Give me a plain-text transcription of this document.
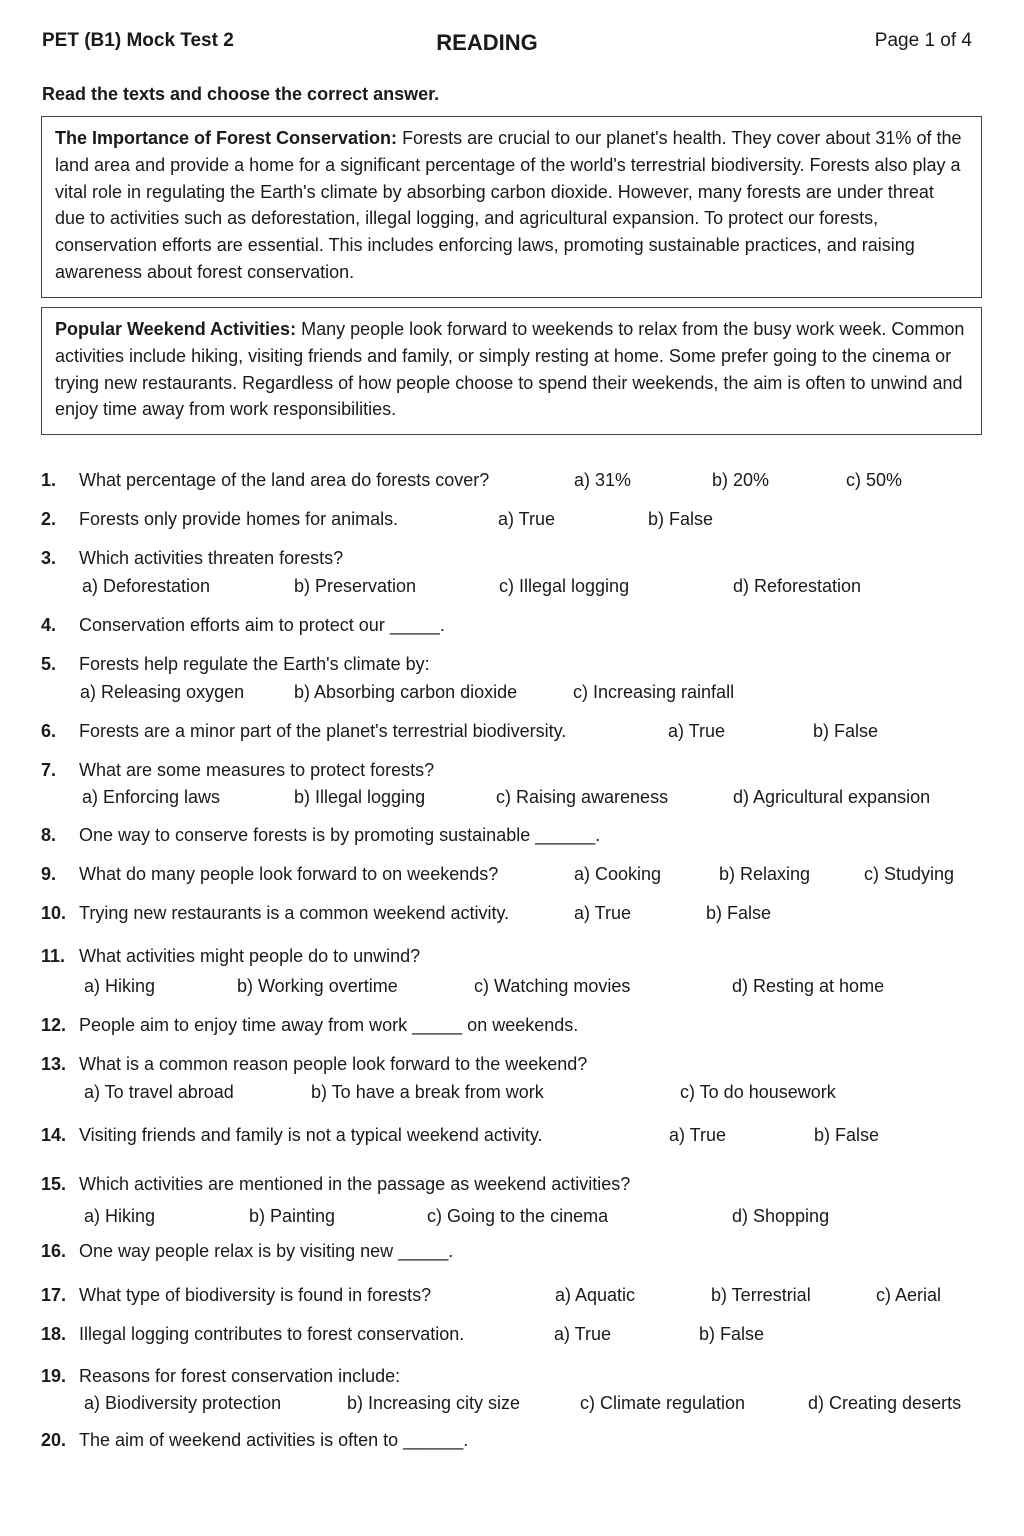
PET (B1) Mock Test 2	READING	Page 1 of 4
Read the texts and choose the correct answer.
The Importance of Forest Conservation: Forests are crucial to our planet's health. They cover about 31% of the land area and provide a home for a significant percentage of the world's terrestrial biodiversity. Forests also play a vital role in regulating the Earth's climate by absorbing carbon dioxide. However, many forests are under threat due to activities such as deforestation, illegal logging, and agricultural expansion. To protect our forests, conservation efforts are essential. This includes enforcing laws, promoting sustainable practices, and raising awareness about forest conservation.
Popular Weekend Activities: Many people look forward to weekends to relax from the busy work week. Common activities include hiking, visiting friends and family, or simply resting at home. Some prefer going to the cinema or trying new restaurants. Regardless of how people choose to spend their weekends, the aim is often to unwind and enjoy time away from work responsibilities.
1. What percentage of the land area do forests cover?	a) 31%	b) 20%	c) 50%
2. Forests only provide homes for animals.	a) True	b) False
3. Which activities threaten forests?
a) Deforestation	b) Preservation	c) Illegal logging	d) Reforestation
4. Conservation efforts aim to protect our _____.
5. Forests help regulate the Earth's climate by:
a) Releasing oxygen	b) Absorbing carbon dioxide	c) Increasing rainfall
6. Forests are a minor part of the planet's terrestrial biodiversity.	a) True	b) False
7. What are some measures to protect forests?
a) Enforcing laws	b) Illegal logging	c) Raising awareness	d) Agricultural expansion
8. One way to conserve forests is by promoting sustainable ______.
9. What do many people look forward to on weekends?	a) Cooking	b) Relaxing	c) Studying
10. Trying new restaurants is a common weekend activity.	a) True	b) False
11. What activities might people do to unwind?
a) Hiking	b) Working overtime	c) Watching movies	d) Resting at home
12. People aim to enjoy time away from work _____ on weekends.
13. What is a common reason people look forward to the weekend?
a) To travel abroad	b) To have a break from work	c) To do housework
14. Visiting friends and family is not a typical weekend activity.	a) True	b) False
15. Which activities are mentioned in the passage as weekend activities?
a) Hiking	b) Painting	c) Going to the cinema	d) Shopping
16. One way people relax is by visiting new _____.
17. What type of biodiversity is found in forests?	a) Aquatic	b) Terrestrial	c) Aerial
18. Illegal logging contributes to forest conservation.	a) True	b) False
19. Reasons for forest conservation include:
a) Biodiversity protection	b) Increasing city size	c) Climate regulation	d) Creating deserts
20. The aim of weekend activities is often to ______.
